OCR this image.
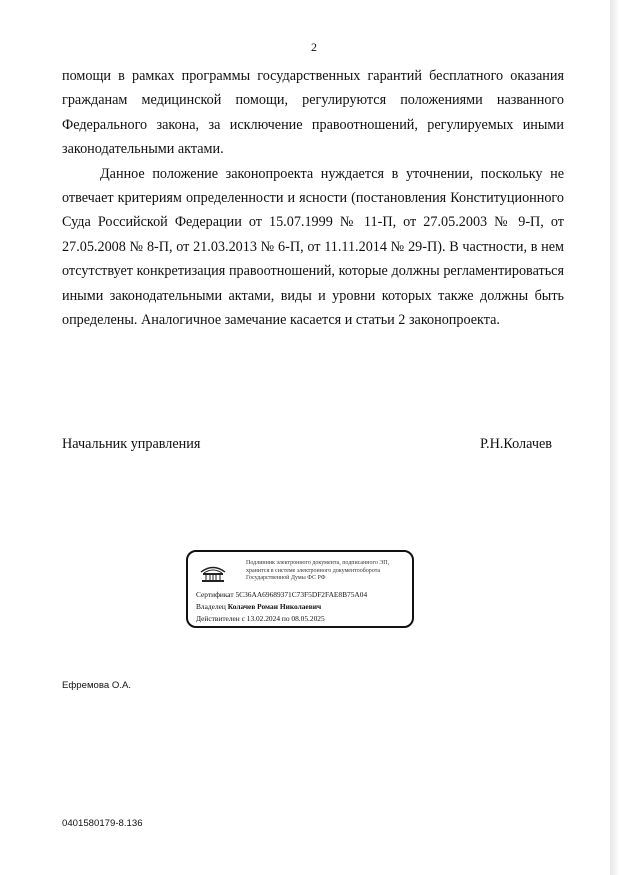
2

помощи в рамках программы государственных гарантий бесплатного оказания гражданам медицинской помощи, регулируются положениями названного Федерального закона, за исключение правоотношений, регулируемых иными законодательными актами.

Данное положение законопроекта нуждается в уточнении, поскольку не отвечает критериям определенности и ясности (постановления Конституционного Суда Российской Федерации от 15.07.1999 № 11-П, от 27.05.2003 № 9-П, от 27.05.2008 № 8-П, от 21.03.2013 № 6-П, от 11.11.2014 № 29-П). В частности, в нем отсутствует конкретизация правоотношений, которые должны регламентироваться иными законодательными актами, виды и уровни которых также должны быть определены. Аналогичное замечание касается и статьи 2 законопроекта.

Начальник управления	Р.Н.Колачев
Подлинник электронного документа, подписанного ЭП, хранится в системе электронного документооборота Государственной Думы ФС РФ
Сертификат 5C36AA69689371C73F5DF2FAE8B75A04
Владелец Колачев Роман Николаевич
Действителен с 13.02.2024 по 08.05.2025
Ефремова О.А.
0401580179-8.136
